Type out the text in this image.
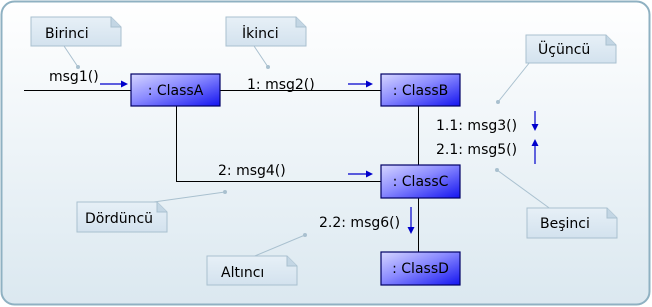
msg1()	1: msg2()
1.1: msg3()
2.1: msg5()
2: msg4()
2.2: msg6()
Birinci	İkinci
Üçüncü
Dördüncü	Beşinci
Altıncı
: ClassA	: ClassB
: ClassC
: ClassD
